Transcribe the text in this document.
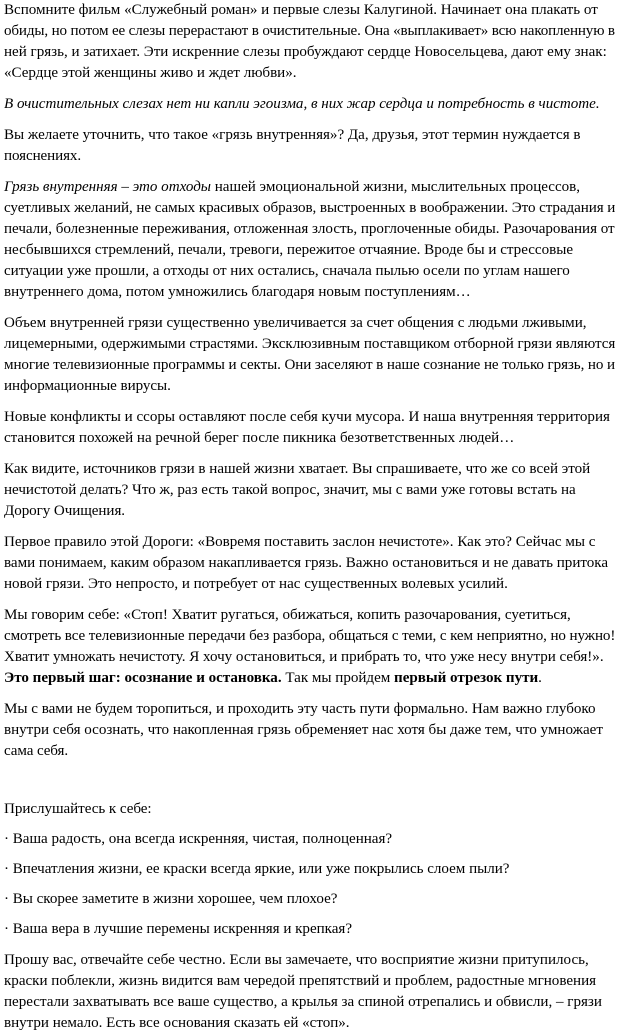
Вспомните фильм «Служебный роман» и первые слезы Калугиной. Начинает она плакать от
обиды, но потом ее слезы перерастают в очистительные. Она «выплакивает» всю накопленную в
ней грязь, и затихает. Эти искренние слезы пробуждают сердце Новосельцева, дают ему знак:
«Сердце этой женщины живо и ждет любви».
В очистительных слезах нет ни капли эгоизма, в них жар сердца и потребность в чистоте.
Вы желаете уточнить, что такое «грязь внутренняя»? Да, друзья, этот термин нуждается в
пояснениях.
Грязь внутренняя – это отходы нашей эмоциональной жизни, мыслительных процессов,
суетливых желаний, не самых красивых образов, выстроенных в воображении. Это страдания и
печали, болезненные переживания, отложенная злость, проглоченные обиды. Разочарования от
несбывшихся стремлений, печали, тревоги, пережитое отчаяние. Вроде бы и стрессовые
ситуации уже прошли, а отходы от них остались, сначала пылью осели по углам нашего
внутреннего дома, потом умножились благодаря новым поступлениям…
Объем внутренней грязи существенно увеличивается за счет общения с людьми лживыми,
лицемерными, одержимыми страстями. Эксклюзивным поставщиком отборной грязи являются
многие телевизионные программы и секты. Они заселяют в наше сознание не только грязь, но и
информационные вирусы.
Новые конфликты и ссоры оставляют после себя кучи мусора. И наша внутренняя территория
становится похожей на речной берег после пикника безответственных людей…
Как видите, источников грязи в нашей жизни хватает. Вы спрашиваете, что же со всей этой
нечистотой делать? Что ж, раз есть такой вопрос, значит, мы с вами уже готовы встать на
Дорогу Очищения.
Первое правило этой Дороги: «Вовремя поставить заслон нечистоте». Как это? Сейчас мы с
вами понимаем, каким образом накапливается грязь. Важно остановиться и не давать притока
новой грязи. Это непросто, и потребует от нас существенных волевых усилий.
Мы говорим себе: «Стоп! Хватит ругаться, обижаться, копить разочарования, суетиться,
смотреть все телевизионные передачи без разбора, общаться с теми, с кем неприятно, но нужно!
Хватит умножать нечистоту. Я хочу остановиться, и прибрать то, что уже несу внутри себя!».
Это первый шаг: осознание и остановка. Так мы пройдем первый отрезок пути.
Мы с вами не будем торопиться, и проходить эту часть пути формально. Нам важно глубоко
внутри себя осознать, что накопленная грязь обременяет нас хотя бы даже тем, что умножает
сама себя.
Прислушайтесь к себе:
· Ваша радость, она всегда искренняя, чистая, полноценная?
· Впечатления жизни, ее краски всегда яркие, или уже покрылись слоем пыли?
· Вы скорее заметите в жизни хорошее, чем плохое?
· Ваша вера в лучшие перемены искренняя и крепкая?
Прошу вас, отвечайте себе честно. Если вы замечаете, что восприятие жизни притупилось,
краски поблекли, жизнь видится вам чередой препятствий и проблем, радостные мгновения
перестали захватывать все ваше существо, а крылья за спиной отрепались и обвисли, – грязи
внутри немало. Есть все основания сказать ей «стоп».
